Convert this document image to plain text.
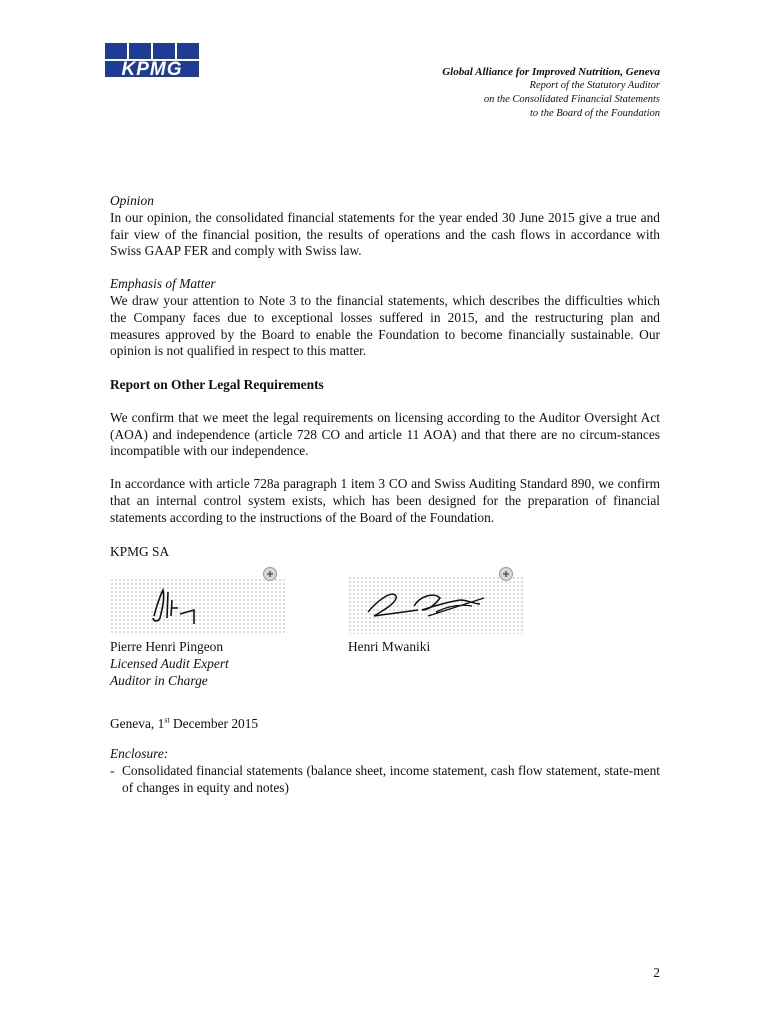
KPMG	Global Alliance for Improved Nutrition, Geneva
Report of the Statutory Auditor
on the Consolidated Financial Statements
to the Board of the Foundation

Opinion

In our opinion, the consolidated financial statements for the year ended 30 June 2015 give a true and fair view of the financial position, the results of operations and the cash flows in accordance with Swiss GAAP FER and comply with Swiss law.

Emphasis of Matter

We draw your attention to Note 3 to the financial statements, which describes the difficulties which the Company faces due to exceptional losses suffered in 2015, and the restructuring plan and measures approved by the Board to enable the Foundation to become financially sustainable. Our opinion is not qualified in respect to this matter.

Report on Other Legal Requirements

We confirm that we meet the legal requirements on licensing according to the Auditor Oversight Act (AOA) and independence (article 728 CO and article 11 AOA) and that there are no circum-stances incompatible with our independence.

In accordance with article 728a paragraph 1 item 3 CO and Swiss Auditing Standard 890, we confirm that an internal control system exists, which has been designed for the preparation of financial statements according to the instructions of the Board of the Foundation.

KPMG SA

Pierre Henri Pingeon

Licensed Audit Expert

Auditor in Charge

Henri Mwaniki

Geneva, 1st December 2015

Enclosure:

- Consolidated financial statements (balance sheet, income statement, cash flow statement, state-ment of changes in equity and notes)

2
